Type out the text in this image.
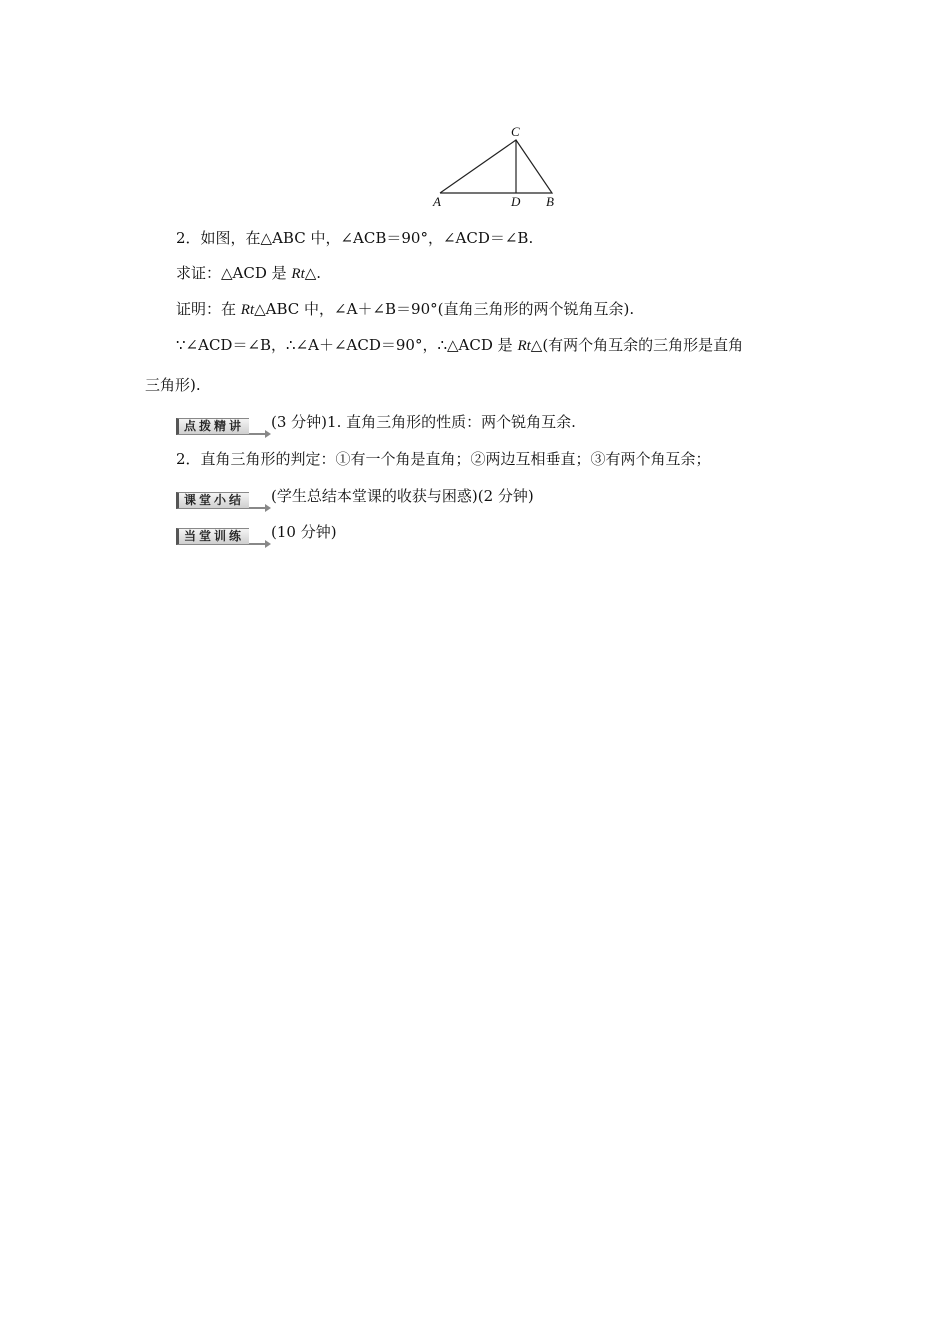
C
A	D B
2．如图，在△ABC 中，∠ACB＝90°，∠ACD＝∠B.
求证：△ACD 是 Rt△.
证明：在 Rt△ABC 中，∠A＋∠B＝90°(直角三角形的两个锐角互余).
∵∠ACD＝∠B，∴∠A＋∠ACD＝90°，∴△ACD 是 Rt△(有两个角互余的三角形是直角
三角形).
点拨精讲 (3 分钟)1. 直角三角形的性质：两个锐角互余.
2．直角三角形的判定：①有一个角是直角；②两边互相垂直；③有两个角互余；
课堂小结 (学生总结本堂课的收获与困惑)(2 分钟)
当堂训练 (10 分钟)
